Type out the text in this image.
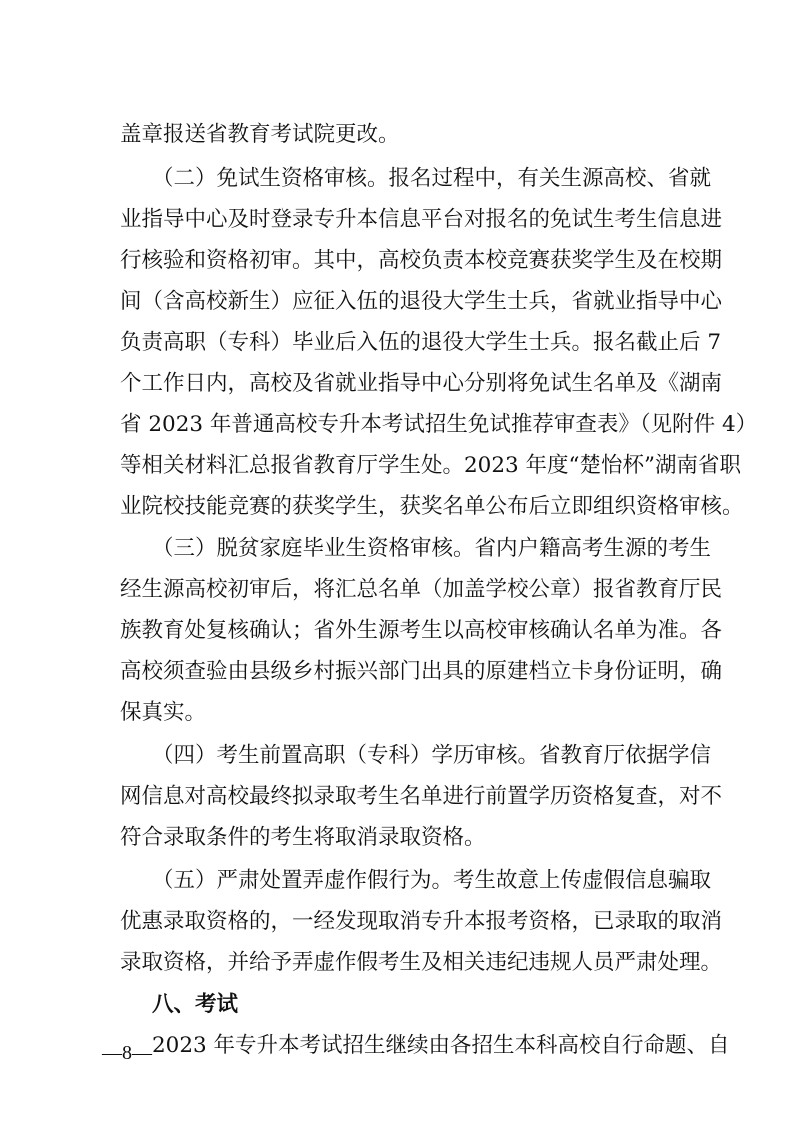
盖章报送省教育考试院更改。
（二）免试生资格审核。报名过程中，有关生源高校、省就
业指导中心及时登录专升本信息平台对报名的免试生考生信息进
行核验和资格初审。其中，高校负责本校竞赛获奖学生及在校期
间（含高校新生）应征入伍的退役大学生士兵，省就业指导中心
负责高职（专科）毕业后入伍的退役大学生士兵。报名截止后 7
个工作日内，高校及省就业指导中心分别将免试生名单及《湖南
省 2023 年普通高校专升本考试招生免试推荐审查表》（见附件 4）
等相关材料汇总报省教育厅学生处。2023 年度“楚怡杯”湖南省职
业院校技能竞赛的获奖学生，获奖名单公布后立即组织资格审核。
（三）脱贫家庭毕业生资格审核。省内户籍高考生源的考生
经生源高校初审后，将汇总名单（加盖学校公章）报省教育厅民
族教育处复核确认；省外生源考生以高校审核确认名单为准。各
高校须查验由县级乡村振兴部门出具的原建档立卡身份证明，确
保真实。
（四）考生前置高职（专科）学历审核。省教育厅依据学信
网信息对高校最终拟录取考生名单进行前置学历资格复查，对不
符合录取条件的考生将取消录取资格。
（五）严肃处置弄虚作假行为。考生故意上传虚假信息骗取
优惠录取资格的，一经发现取消专升本报考资格，已录取的取消
录取资格，并给予弄虚作假考生及相关违纪违规人员严肃处理。
八、考试
2023 年专升本考试招生继续由各招生本科高校自行命题、自
—8—
